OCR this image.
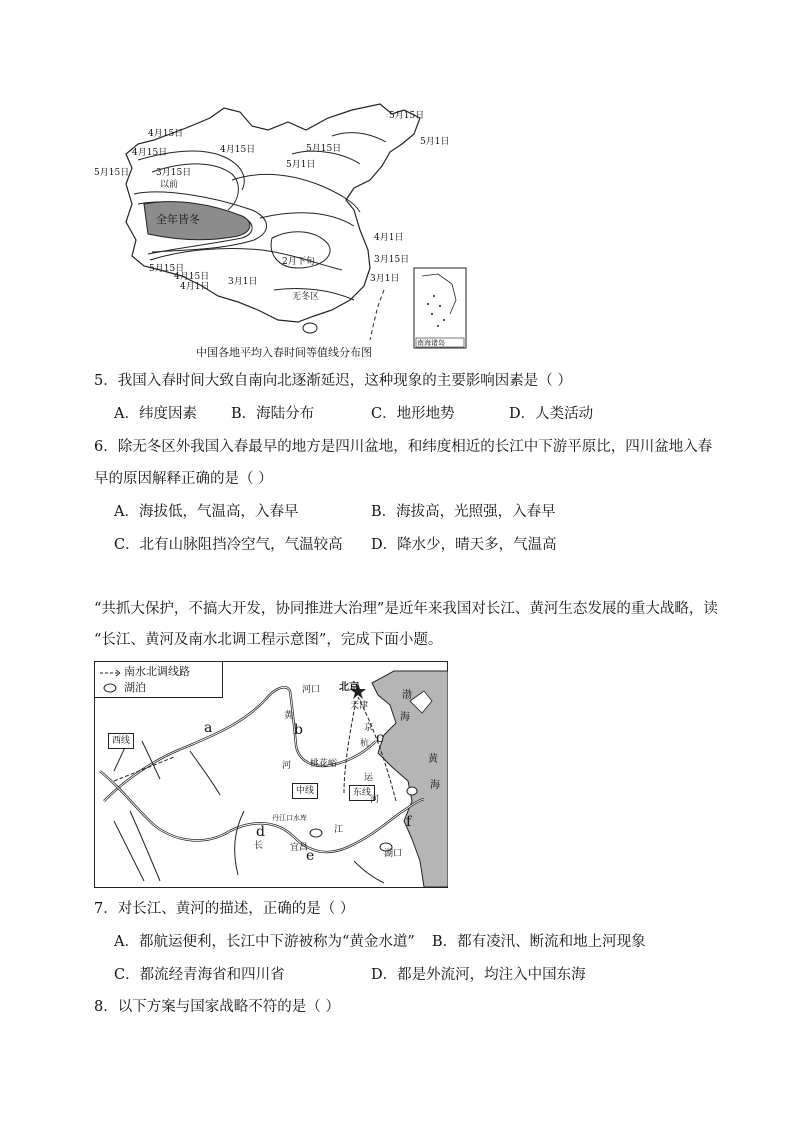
4月15日
5月15日
5月1日
4月15日	4月15日	5月15日
5月1日
5月15日	3月15日
以前
全年皆冬
4月1日
2月下旬	3月15日
5月15日
4月15日
4月1日 3月1日	3月1日
无冬区
南海诸岛
中国各地平均入春时间等值线分布图
5．我国入春时间大致自南向北逐渐延迟，这种现象的主要影响因素是（ ）
A．纬度因素 B．海陆分布	C．地形地势	D．人类活动
6．除无冬区外我国入春最早的地方是四川盆地，和纬度相近的长江中下游平原比，四川盆地入春
早的原因解释正确的是（ ）
A．海拔低，气温高，入春早	B．海拔高，光照强，入春早
C．北有山脉阻挡冷空气，气温较高 D．降水少，晴天多，气温高
“共抓大保护，不搞大开发，协同推进大治理”是近年来我国对长江、黄河生态发展的重大战略，读
“长江、黄河及南水北调工程示意图”，完成下面小题。
南水北调线路
湖泊
西线
中线	东线
河口 北京
天津
桃花峪
丹江口水库
宜昌
湖口
渤
海
黄
海
黄
河
长
江
京
杭
运
河
a	b	c
d
e
f
7．对长江、黄河的描述，正确的是（ ）
A．都航运便利，长江中下游被称为“黄金水道” B．都有凌汛、断流和地上河现象
C．都流经青海省和四川省	D．都是外流河，均注入中国东海
8．以下方案与国家战略不符的是（ ）
